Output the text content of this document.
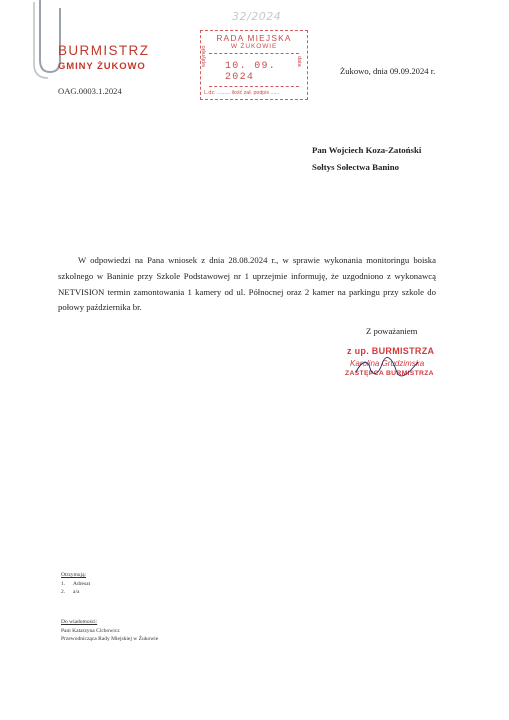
BURMISTRZ
GMINY ŻUKOWO
OAG.0003.1.2024
32/2024
RADA MIEJSKA
W ŻUKOWIE
wpłynęło 10. 09. 2024
data
L.dz. ......... ilość zał. podpis ......
Żukowo, dnia 09.09.2024 r.
Pan Wojciech Koza-Zatoński
Sołtys Sołectwa Banino
W odpowiedzi na Pana wniosek z dnia 28.08.2024 r., w sprawie wykonania monitoringu boiska szkolnego w Baninie przy Szkole Podstawowej nr 1 uprzejmie informuję, że uzgodniono z wykonawcą NETVISION termin zamontowania 1 kamery od ul. Północnej oraz 2 kamer na parkingu przy szkole do połowy października br.
Z poważaniem
z up. BURMISTRZA
Karolina Grudzimska
ZASTĘPCA BURMISTRZA
Otrzymują:
1.	Adresat
2.	a/a
Do wiadomości:
Pani Katarzyna Cichowicz
Przewodnicząca Rady Miejskiej w Żukowie
